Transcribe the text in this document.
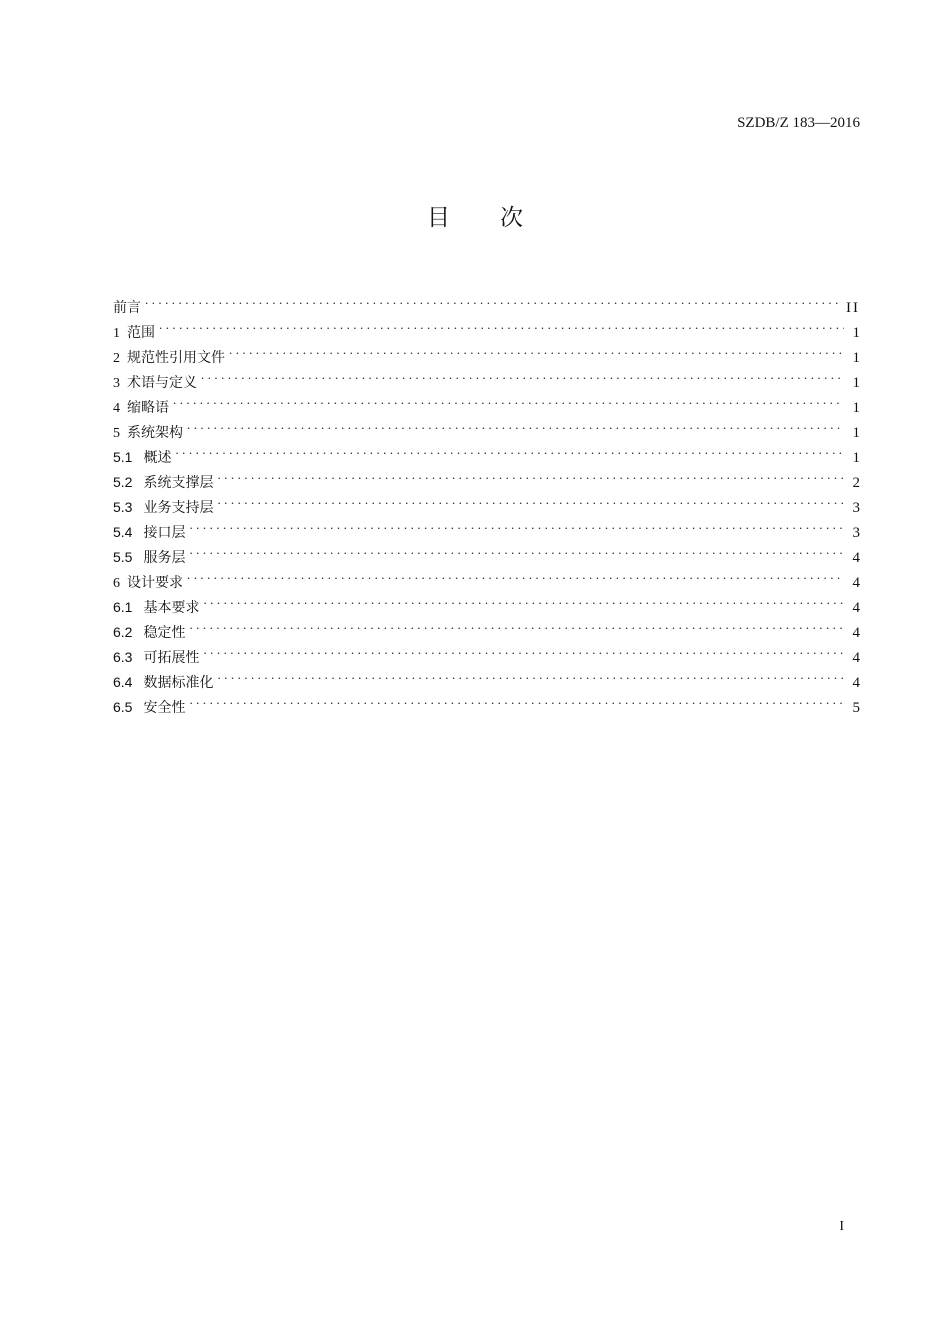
SZDB/Z 183—2016
目次
前言 .....	II
1 范围 .....	1
2 规范性引用文件 .....	1
3 术语与定义 .....	1
4 缩略语 .....	1
5 系统架构 .....	1
5.1 概述 .....	1
5.2 系统支撑层 .....	2
5.3 业务支持层 .....	3
5.4 接口层 .....	3
5.5 服务层 .....	4
6 设计要求 .....	4
6.1 基本要求 .....	4
6.2 稳定性 .....	4
6.3 可拓展性 .....	4
6.4 数据标准化 .....	4
6.5 安全性 .....	5
I
